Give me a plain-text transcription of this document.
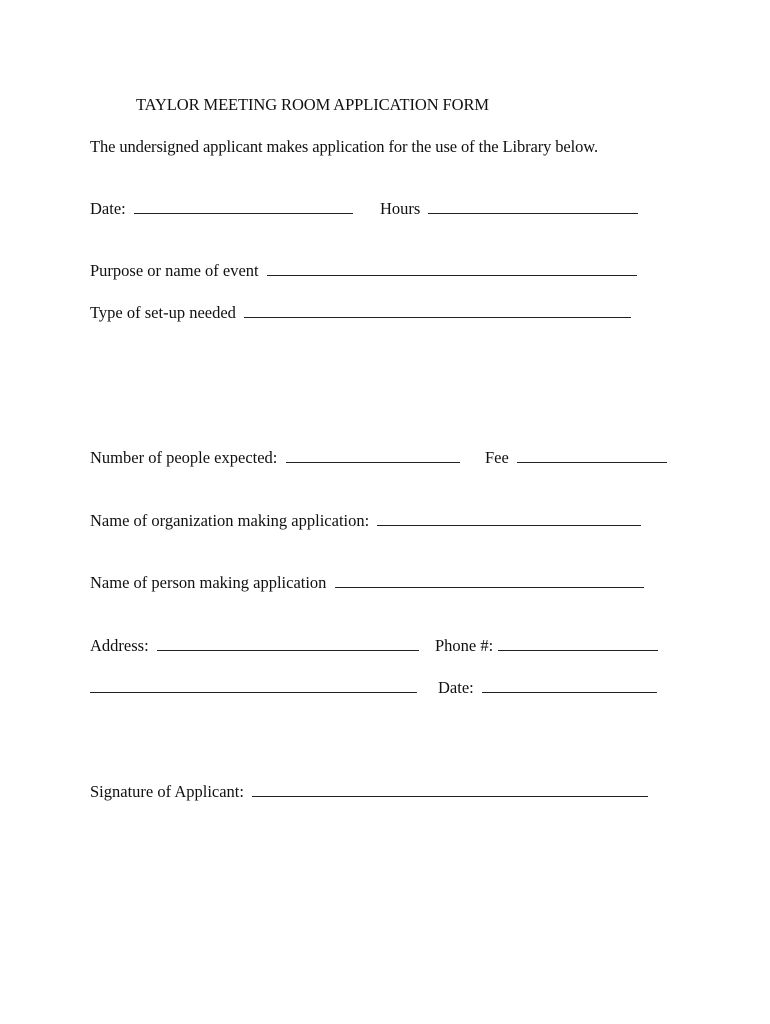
TAYLOR MEETING ROOM APPLICATION FORM
The undersigned applicant makes application for the use of the Library below.
Date:	Hours
Purpose or name of event
Type of set-up needed
Number of people expected:	Fee
Name of organization making application:
Name of person making application
Address:	Phone #:
Date:
Signature of Applicant:
